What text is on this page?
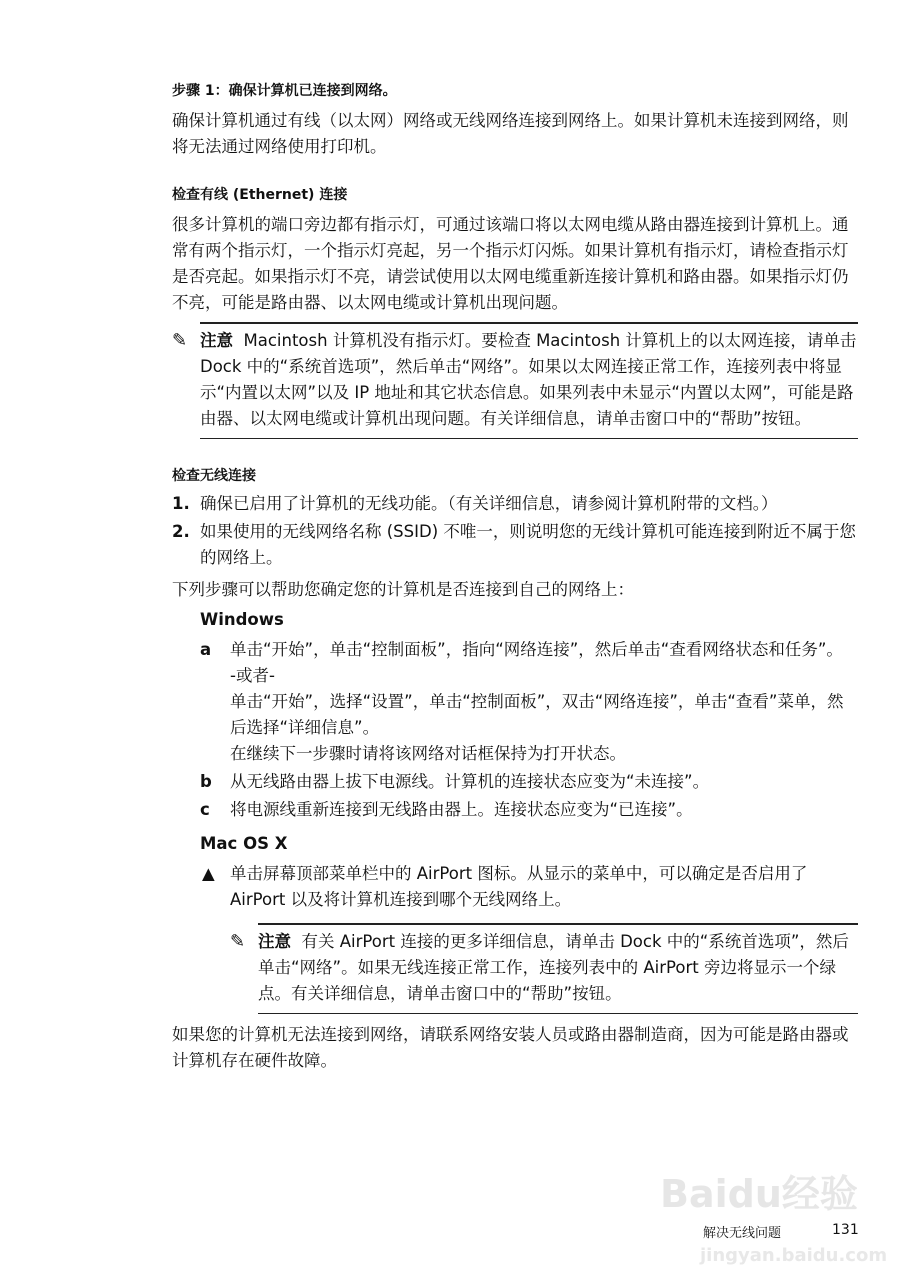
步骤 1：确保计算机已连接到网络。
确保计算机通过有线（以太网）网络或无线网络连接到网络上。如果计算机未连接到网络，则将无法通过网络使用打印机。
检查有线 (Ethernet) 连接
很多计算机的端口旁边都有指示灯，可通过该端口将以太网电缆从路由器连接到计算机上。通常有两个指示灯，一个指示灯亮起，另一个指示灯闪烁。如果计算机有指示灯，请检查指示灯是否亮起。如果指示灯不亮，请尝试使用以太网电缆重新连接计算机和路由器。如果指示灯仍不亮，可能是路由器、以太网电缆或计算机出现问题。
✎ 注意 Macintosh 计算机没有指示灯。要检查 Macintosh 计算机上的以太网连接，请单击 Dock 中的“系统首选项”，然后单击“网络”。如果以太网连接正常工作，连接列表中将显示“内置以太网”以及 IP 地址和其它状态信息。如果列表中未显示“内置以太网”，可能是路由器、以太网电缆或计算机出现问题。有关详细信息，请单击窗口中的“帮助”按钮。
检查无线连接
1. 确保已启用了计算机的无线功能。（有关详细信息，请参阅计算机附带的文档。）
2. 如果使用的无线网络名称 (SSID) 不唯一，则说明您的无线计算机可能连接到附近不属于您的网络上。
下列步骤可以帮助您确定您的计算机是否连接到自己的网络上：
Windows
a	单击“开始”，单击“控制面板”，指向“网络连接”，然后单击“查看网络状态和任务”。
-或者-
单击“开始”，选择“设置”，单击“控制面板”，双击“网络连接”，单击“查看”菜单，然后选择“详细信息”。
在继续下一步骤时请将该网络对话框保持为打开状态。
b	从无线路由器上拔下电源线。计算机的连接状态应变为“未连接”。
c	将电源线重新连接到无线路由器上。连接状态应变为“已连接”。
Mac OS X
▲ 单击屏幕顶部菜单栏中的 AirPort 图标。从显示的菜单中，可以确定是否启用了 AirPort 以及将计算机连接到哪个无线网络上。
✎ 注意 有关 AirPort 连接的更多详细信息，请单击 Dock 中的“系统首选项”，然后单击“网络”。如果无线连接正常工作，连接列表中的 AirPort 旁边将显示一个绿点。有关详细信息，请单击窗口中的“帮助”按钮。
如果您的计算机无法连接到网络，请联系网络安装人员或路由器制造商，因为可能是路由器或计算机存在硬件故障。
Baidu经验
解决无线问题	131
jingyan.baidu.com
